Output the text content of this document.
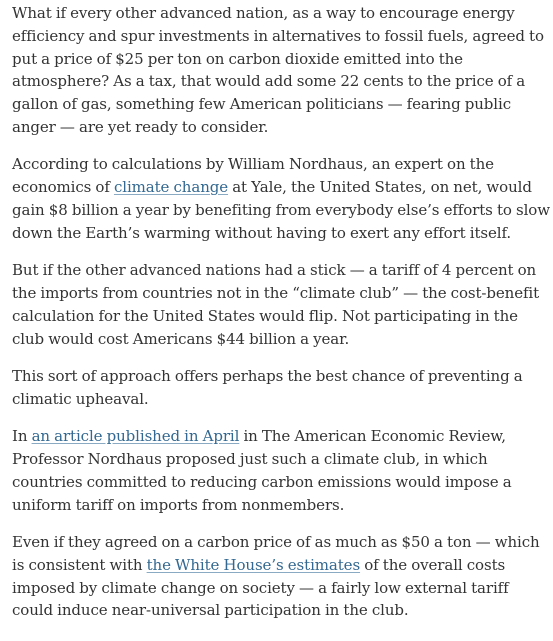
What if every other advanced nation, as a way to encourage energy efficiency and spur investments in alternatives to fossil fuels, agreed to put a price of $25 per ton on carbon dioxide emitted into the atmosphere? As a tax, that would add some 22 cents to the price of a gallon of gas, something few American politicians — fearing public anger — are yet ready to consider.

According to calculations by William Nordhaus, an expert on the economics of climate change at Yale, the United States, on net, would gain $8 billion a year by benefiting from everybody else’s efforts to slow down the Earth’s warming without having to exert any effort itself.

But if the other advanced nations had a stick — a tariff of 4 percent on the imports from countries not in the “climate club” — the cost-benefit calculation for the United States would flip. Not participating in the club would cost Americans $44 billion a year.

This sort of approach offers perhaps the best chance of preventing a climatic upheaval.

In an article published in April in The American Economic Review, Professor Nordhaus proposed just such a climate club, in which countries committed to reducing carbon emissions would impose a uniform tariff on imports from nonmembers.

Even if they agreed on a carbon price of as much as $50 a ton — which is consistent with the White House’s estimates of the overall costs imposed by climate change on society — a fairly low external tariff could induce near-universal participation in the club.
